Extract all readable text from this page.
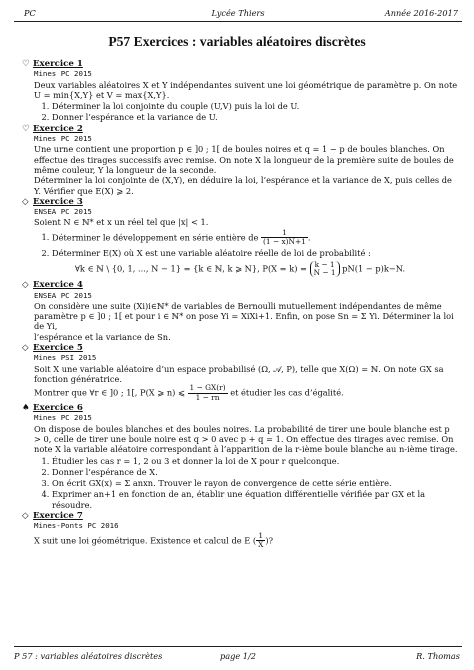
PC	Lycée Thiers	Année 2016-2017
P57 Exercices : variables aléatoires discrètes
♡ Exercice 1
Mines PC 2015
Deux variables aléatoires X et Y indépendantes suivent une loi géométrique de paramètre p. On note U = min{X,Y} et V = max{X,Y}.
1. Déterminer la loi conjointe du couple (U,V) puis la loi de U.
2. Donner l’espérance et la variance de U.
♡ Exercice 2
Mines PC 2015
Une urne contient une proportion p ∈ ]0 ; 1[ de boules noires et q = 1 − p de boules blanches. On effectue des tirages successifs avec remise. On note X la longueur de la première suite de boules de même couleur, Y la longueur de la seconde.
Déterminer la loi conjointe de (X,Y), en déduire la loi, l’espérance et la variance de X, puis celles de Y. Vérifier que E(X) ⩾ 2.
◇ Exercice 3
ENSEA PC 2015
Soient N ∈ ℕ* et x un réel tel que |x| < 1.
1. Déterminer le développement en série entière de $\frac{1}{(1 - x)N+1}$ .
2. Déterminer E(X) où X est une variable aléatoire réelle de loi de probabilité :
∀k ∈ ℕ \ {0, 1, ..., N − 1} = {k ∈ ℕ, k ⩾ N}, P(X = k) = k − 1
N − 1 pN(1 − p)k−N.
◇ Exercice 4
ENSEA PC 2015
On considère une suite (Xi)i∈ℕ* de variables de Bernoulli mutuellement indépendantes de même paramètre p ∈ ]0 ; 1[ et pour i ∈ ℕ* on pose Yi = XiXi+1. Enfin, on pose Sn = Σ Yi. Déterminer la loi de Yi,
l’espérance et la variance de Sn.
◇ Exercice 5
Mines PSI 2015
Soit X une variable aléatoire d’un espace probabilisé (Ω, 𝒜, P), telle que X(Ω) = ℕ. On note GX sa fonction génératrice.
Montrer que ∀r ∈ ]0 ; 1[, P(X ⩾ n) ⩽ $\frac{1 - GX(r)}{1 - rn}$ et étudier les cas d’égalité.
♠ Exercice 6
Mines PC 2015
On dispose de boules blanches et des boules noires. La probabilité de tirer une boule blanche est p > 0, celle de tirer une boule noire est q > 0 avec p + q = 1. On effectue des tirages avec remise. On note X la variable aléatoire correspondant à l’apparition de la r-ième boule blanche au n-ième tirage.
1. Étudier les cas r = 1, 2 ou 3 et donner la loi de X pour r quelconque.
2. Donner l’espérance de X.
3. On écrit GX(x) = Σ anxn. Trouver le rayon de convergence de cette série entière.
4. Exprimer an+1 en fonction de an, établir une équation différentielle vérifiée par GX et la résoudre.
◇ Exercice 7
Mines-Ponts PC 2016
X suit une loi géométrique. Existence et calcul de E ( $\frac{1}{X}$ )?
P 57 : variables aléatoires discrètes	page 1/2	R. Thomas
